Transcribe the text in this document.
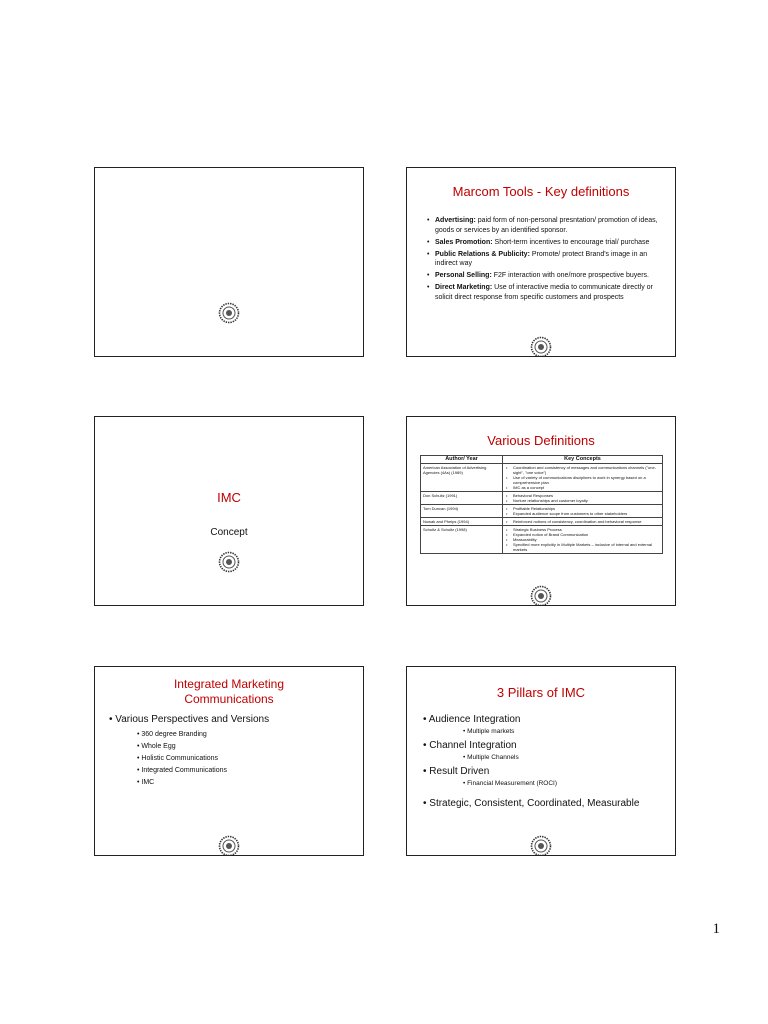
Marcom Tools - Key definitions
• Advertising: paid form of non-personal presntation/ promotion of ideas, goods or services by an identified sponsor.
• Sales Promotion: Short-term incentives to encourage trial/ purchase
• Public Relations & Publicity: Promote/ protect Brand's image in an indirect way
• Personal Selling: F2F interaction with one/more prospective buyers.
• Direct Marketing: Use of interactive media to communicate directly or solicit direct response from specific customers and prospects
IMC
Concept
Various Definitions
Author/ Year	Key Concepts
American Association of Advertising Agencies (4As) (1989)	• Coordination and consistency of messages and communications channels ("one-sight", "one voice")
• Use of variety of communications disciplines to work in synergy based on a comprehensive plan
• IMC as a concept

Don Schultz (1991)	• Behavioral Responses
• Nurture relationships and customer loyalty

Tom Duncan (1994)	• Profitable Relationships
• Expanded audience scope from customers to other stakeholders

Nowak and Phelps (1994)	• Reinforced notions of consistency, coordination and behavioral response

Schultz & Schultz (1998)	• Strategic Business Process
• Expanded notion of Brand Communication
• Measurability
• Specified more explicitly in Multiple Markets – inclusive of internal and external markets
Integrated Marketing Communications
• Various Perspectives and Versions
• 360 degree Branding
• Whole Egg
• Holistic Communications
• Integrated Communications
• IMC
3 Pillars of IMC
• Audience Integration
• Multiple markets
• Channel Integration
• Multiple Channels
• Result Driven
• Financial Measurement (ROCI)
• Strategic, Consistent, Coordinated, Measurable
1
